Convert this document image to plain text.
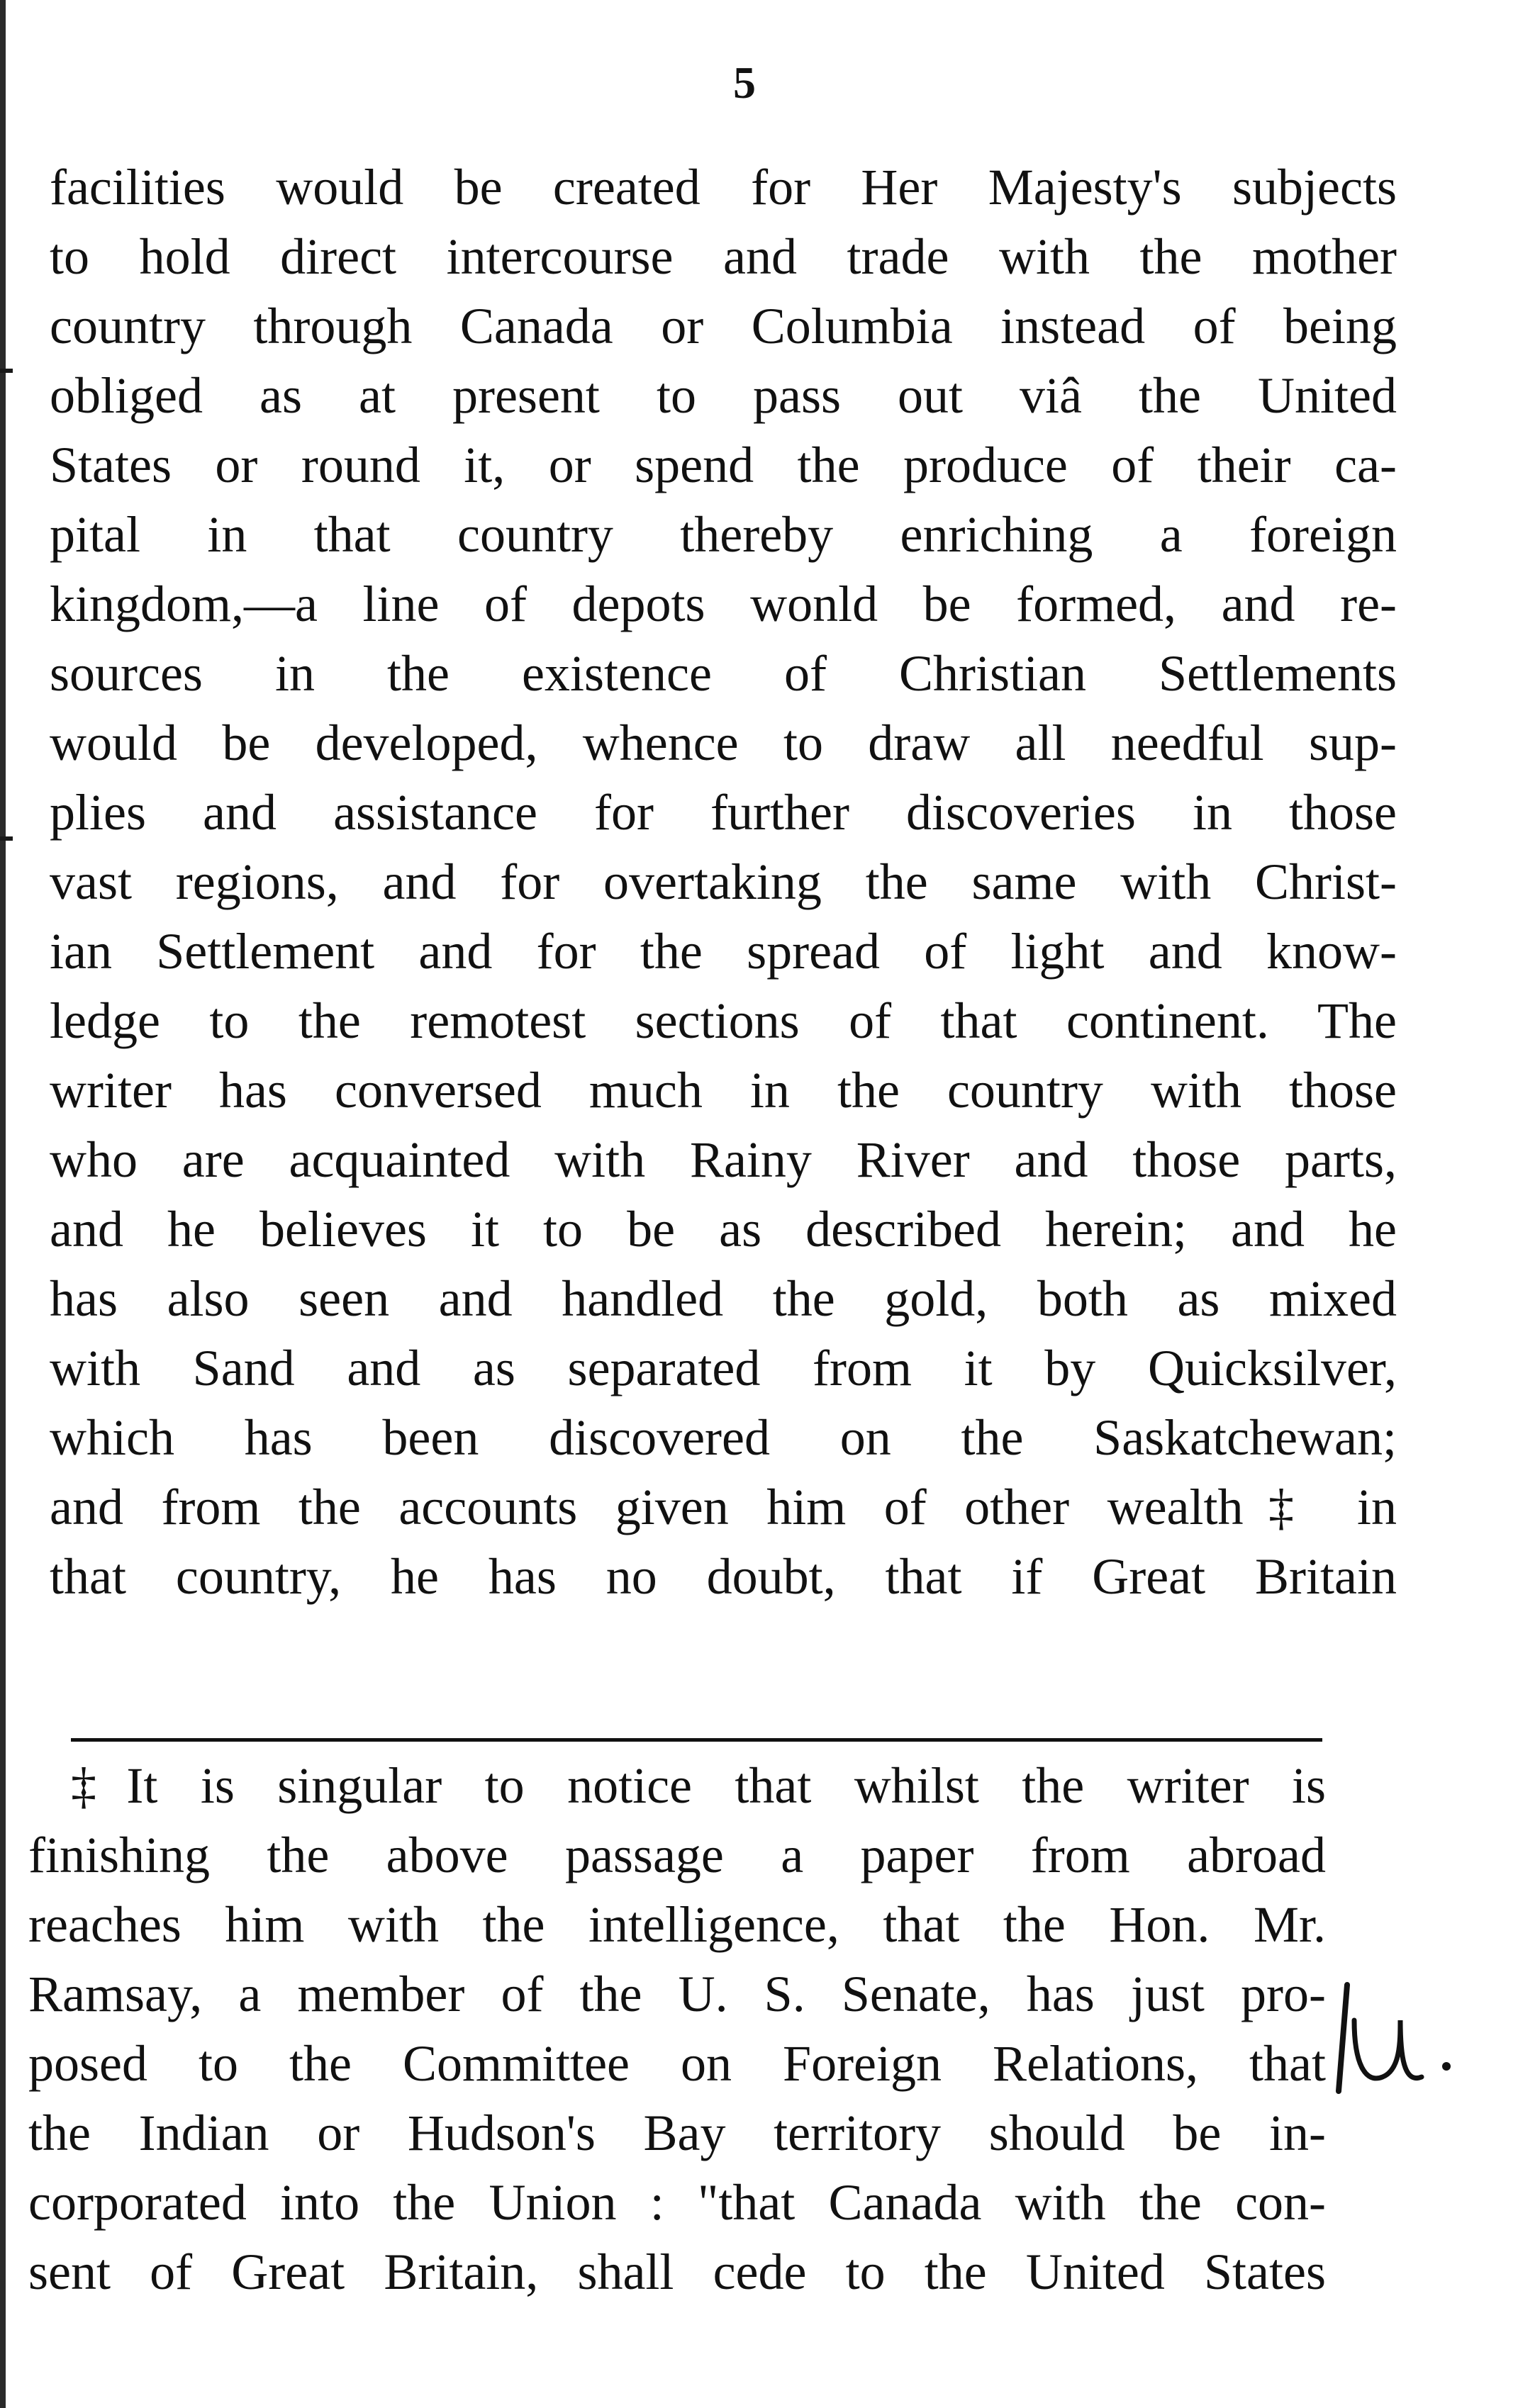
5
facilities would be created for Her Majesty's subjects
to hold direct intercourse and trade with the mother
country through Canada or Columbia instead of being
obliged as at present to pass out viâ the United
States or round it, or spend the produce of their ca-
pital in that country thereby enriching a foreign
kingdom,—a line of depots wonld be formed, and re-
sources in the existence of Christian Settlements
would be developed, whence to draw all needful sup-
plies and assistance for further discoveries in those
vast regions, and for overtaking the same with Christ-
ian Settlement and for the spread of light and know-
ledge to the remotest sections of that continent. The
writer has conversed much in the country with those
who are acquainted with Rainy River and those parts,
and he believes it to be as described herein; and he
has also seen and handled the gold, both as mixed
with Sand and as separated from it by Quicksilver,
which has been discovered on the Saskatchewan;
and from the accounts given him of other wealth‡ in
that country, he has no doubt, that if Great Britain
‡It is singular to notice that whilst the writer is
finishing the above passage a paper from abroad
reaches him with the intelligence, that the Hon. Mr.
Ramsay, a member of the U. S. Senate, has just pro-
posed to the Committee on Foreign Relations, that
the Indian or Hudson's Bay territory should be in-
corporated into the Union : "that Canada with the con-
sent of Great Britain, shall cede to the United States
